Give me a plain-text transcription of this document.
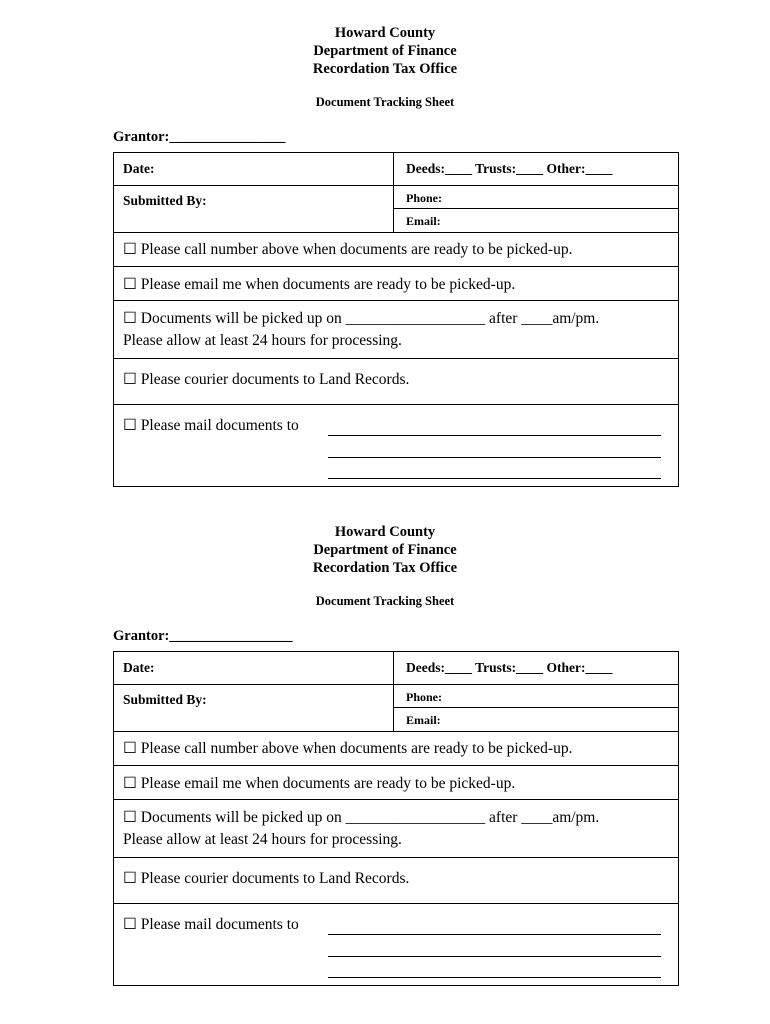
Howard County
Department of Finance
Recordation Tax Office
Document Tracking Sheet
Grantor:________________
Date:	Deeds:____ Trusts:____ Other:____
Submitted By:	Phone:
Email:
☐ Please call number above when documents are ready to be picked-up.
☐ Please email me when documents are ready to be picked-up.
☐ Documents will be picked up on __________________ after ____am/pm.
Please allow at least 24 hours for processing.
☐ Please courier documents to Land Records.
☐ Please mail documents to
Howard County
Department of Finance
Recordation Tax Office
Document Tracking Sheet
Grantor:_________________
Date:	Deeds:____ Trusts:____ Other:____
Submitted By:	Phone:
Email:
☐ Please call number above when documents are ready to be picked-up.
☐ Please email me when documents are ready to be picked-up.
☐ Documents will be picked up on __________________ after ____am/pm.
Please allow at least 24 hours for processing.
☐ Please courier documents to Land Records.
☐ Please mail documents to
